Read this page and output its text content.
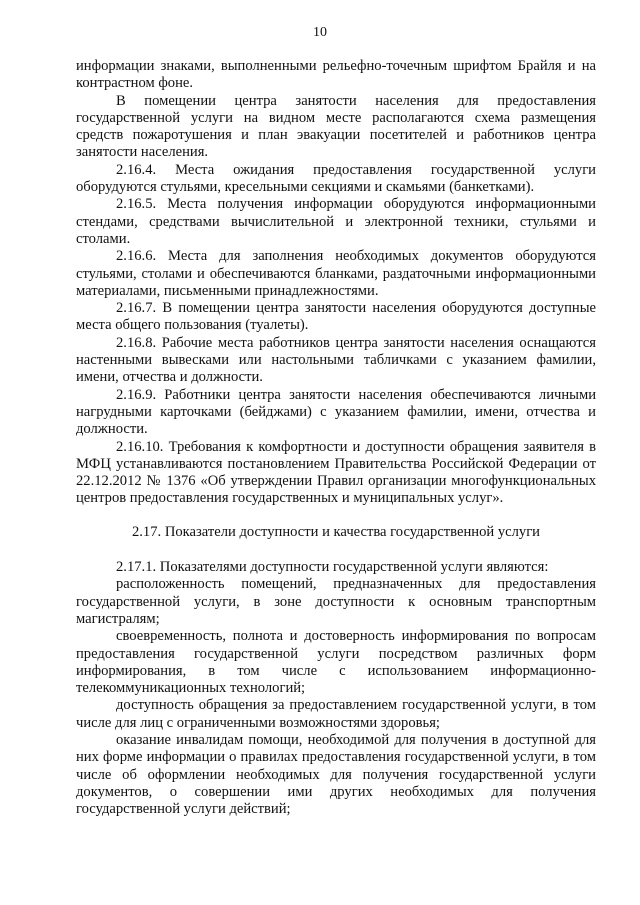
10

информации знаками, выполненными рельефно-точечным шрифтом Брайля и на контрастном фоне.

В помещении центра занятости населения для предоставления государственной услуги на видном месте располагаются схема размещения средств пожаротушения и план эвакуации посетителей и работников центра занятости населения.

2.16.4. Места ожидания предоставления государственной услуги оборудуются стульями, кресельными секциями и скамьями (банкетками).

2.16.5. Места получения информации оборудуются информационными стендами, средствами вычислительной и электронной техники, стульями и столами.

2.16.6. Места для заполнения необходимых документов оборудуются стульями, столами и обеспечиваются бланками, раздаточными информационными материалами, письменными принадлежностями.

2.16.7. В помещении центра занятости населения оборудуются доступные места общего пользования (туалеты).

2.16.8. Рабочие места работников центра занятости населения оснащаются настенными вывесками или настольными табличками с указанием фамилии, имени, отчества и должности.

2.16.9. Работники центра занятости населения обеспечиваются личными нагрудными карточками (бейджами) с указанием фамилии, имени, отчества и должности.

2.16.10. Требования к комфортности и доступности обращения заявителя в МФЦ устанавливаются постановлением Правительства Российской Федерации от 22.12.2012 № 1376 «Об утверждении Правил организации многофункциональных центров предоставления государственных и муниципальных услуг».

2.17. Показатели доступности и качества государственной услуги

2.17.1. Показателями доступности государственной услуги являются:

расположенность помещений, предназначенных для предоставления государственной услуги, в зоне доступности к основным транспортным магистралям;

своевременность, полнота и достоверность информирования по вопросам предоставления государственной услуги посредством различных форм информирования, в том числе с использованием информационно-телекоммуникационных технологий;

доступность обращения за предоставлением государственной услуги, в том числе для лиц с ограниченными возможностями здоровья;

оказание инвалидам помощи, необходимой для получения в доступной для них форме информации о правилах предоставления государственной услуги, в том числе об оформлении необходимых для получения государственной услуги документов, о совершении ими других необходимых для получения государственной услуги действий;
